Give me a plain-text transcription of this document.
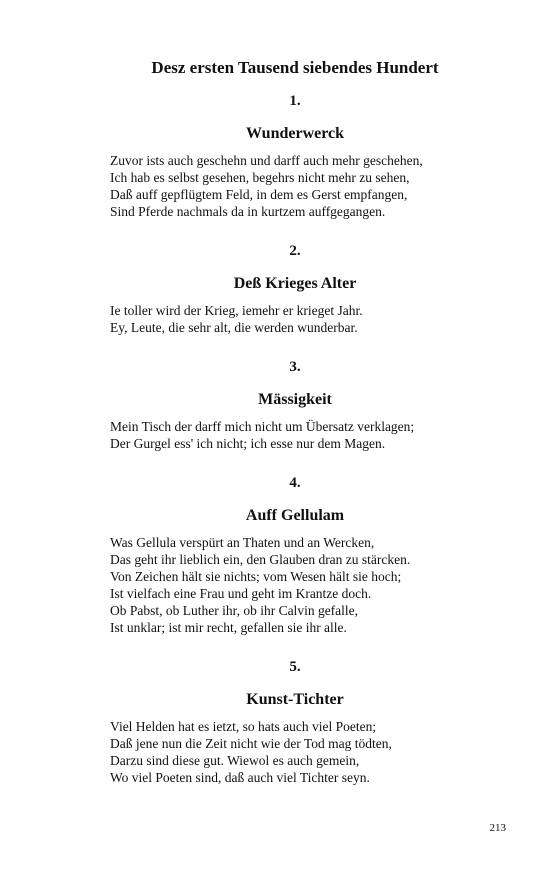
Desz ersten Tausend siebendes Hundert
1.
Wunderwerck
Zuvor ists auch geschehn und darff auch mehr geschehen,
Ich hab es selbst gesehen, begehrs nicht mehr zu sehen,
Daß auff gepflügtem Feld, in dem es Gerst empfangen,
Sind Pferde nachmals da in kurtzem auffgegangen.
2.
Deß Krieges Alter
Ie toller wird der Krieg, iemehr er krieget Jahr.
Ey, Leute, die sehr alt, die werden wunderbar.
3.
Mässigkeit
Mein Tisch der darff mich nicht um Übersatz verklagen;
Der Gurgel ess' ich nicht; ich esse nur dem Magen.
4.
Auff Gellulam
Was Gellula verspürt an Thaten und an Wercken,
Das geht ihr lieblich ein, den Glauben dran zu stärcken.
Von Zeichen hält sie nichts; vom Wesen hält sie hoch;
Ist vielfach eine Frau und geht im Krantze doch.
Ob Pabst, ob Luther ihr, ob ihr Calvin gefalle,
Ist unklar; ist mir recht, gefallen sie ihr alle.
5.
Kunst-Tichter
Viel Helden hat es ietzt, so hats auch viel Poeten;
Daß jene nun die Zeit nicht wie der Tod mag tödten,
Darzu sind diese gut. Wiewol es auch gemein,
Wo viel Poeten sind, daß auch viel Tichter seyn.
213
